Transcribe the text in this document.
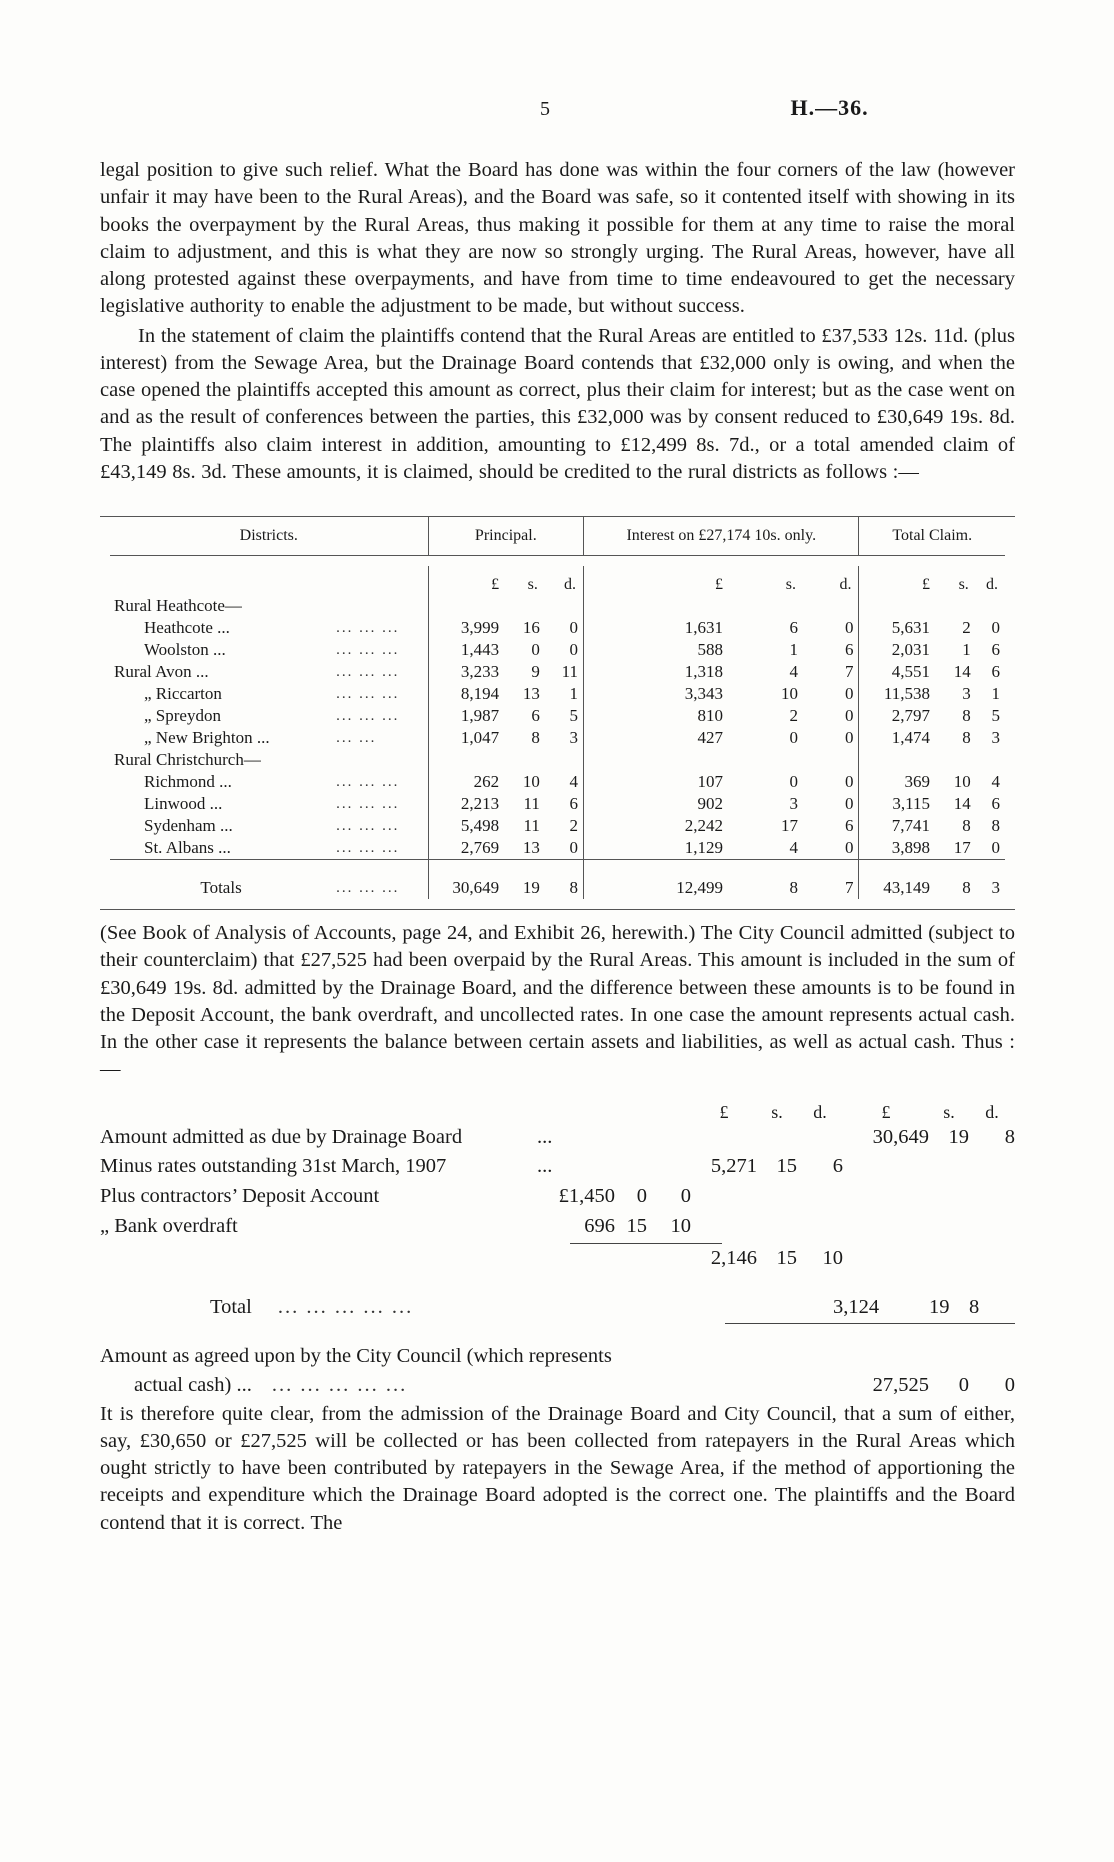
5	H.—36.

legal position to give such relief. What the Board has done was within the four corners of the law (however unfair it may have been to the Rural Areas), and the Board was safe, so it contented itself with showing in its books the overpayment by the Rural Areas, thus making it possible for them at any time to raise the moral claim to adjustment, and this is what they are now so strongly urging. The Rural Areas, however, have all along protested against these overpayments, and have from time to time endeavoured to get the necessary legislative authority to enable the adjustment to be made, but without success.

In the statement of claim the plaintiffs contend that the Rural Areas are entitled to £37,533 12s. 11d. (plus interest) from the Sewage Area, but the Drainage Board contends that £32,000 only is owing, and when the case opened the plaintiffs accepted this amount as correct, plus their claim for interest; but as the case went on and as the result of conferences between the parties, this £32,000 was by consent reduced to £30,649 19s. 8d. The plaintiffs also claim interest in addition, amounting to £12,499 8s. 7d., or a total amended claim of £43,149 8s. 3d. These amounts, it is claimed, should be credited to the rural districts as follows :—

Districts.		Principal.			Interest on £27,174 10s. only.			Total Claim.		

		£	s.	d.	£	s.	d.	£	s.	d.
Rural Heathcote—										
Heathcote ...	... ... ...	3,999	16	0	1,631	6	0	5,631	2	0
Woolston ...	... ... ...	1,443	0	0	588	1	6	2,031	1	6
Rural Avon ...	... ... ...	3,233	9	11	1,318	4	7	4,551	14	6
„ Riccarton	... ... ...	8,194	13	1	3,343	10	0	11,538	3	1
„ Spreydon	... ... ...	1,987	6	5	810	2	0	2,797	8	5
„ New Brighton ...	... ...	1,047	8	3	427	0	0	1,474	8	3
Rural Christchurch—										
Richmond ...	... ... ...	262	10	4	107	0	0	369	10	4
Linwood ...	... ... ...	2,213	11	6	902	3	0	3,115	14	6
Sydenham ...	... ... ...	5,498	11	2	2,242	17	6	7,741	8	8
St. Albans ...	... ... ...	2,769	13	0	1,129	4	0	3,898	17	0
Totals	... ... ...	30,649	19	8	12,499	8	7	43,149	8	3

(See Book of Analysis of Accounts, page 24, and Exhibit 26, herewith.) The City Council admitted (subject to their counterclaim) that £27,525 had been overpaid by the Rural Areas. This amount is included in the sum of £30,649 19s. 8d. admitted by the Drainage Board, and the difference between these amounts is to be found in the Deposit Account, the bank overdraft, and uncollected rates. In one case the amount represents actual cash. In the other case it represents the balance between certain assets and liabilities, as well as actual cash. Thus :—

£	s.	d.	£	s.	d.
Amount admitted as due by Drainage Board	...	30,649 19	8
Minus rates outstanding 31st March, 1907	...	5,271 15	6
Plus contractors’ Deposit Account	£1,450	0	0
„ Bank overdraft	696 15	10
2,146 15	10
Total ... ... ... ... ...	3,124	19 8
Amount as agreed upon by the City Council (which represents
actual cash) ... ... ... ... ... ...	27,525	0	0

It is therefore quite clear, from the admission of the Drainage Board and City Council, that a sum of either, say, £30,650 or £27,525 will be collected or has been collected from ratepayers in the Rural Areas which ought strictly to have been contributed by ratepayers in the Sewage Area, if the method of apportioning the receipts and expenditure which the Drainage Board adopted is the correct one. The plaintiffs and the Board contend that it is correct. The
